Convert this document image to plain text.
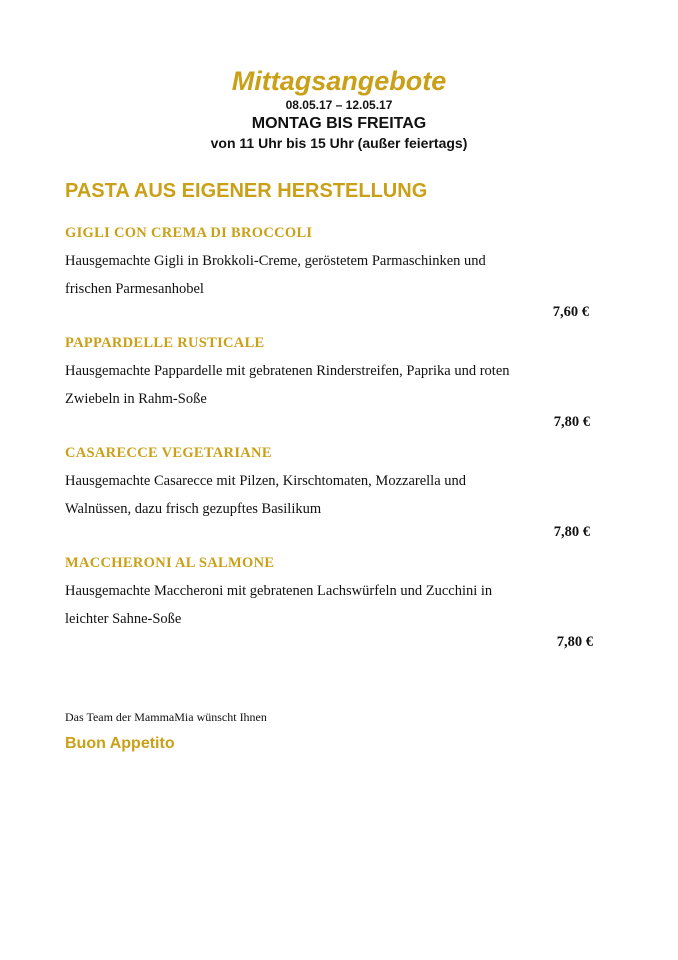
Mittagsangebote
08.05.17 – 12.05.17
MONTAG BIS FREITAG
von 11 Uhr bis 15 Uhr (außer feiertags)
PASTA AUS EIGENER HERSTELLUNG
GIGLI CON CREMA DI BROCCOLI
Hausgemachte Gigli in Brokkoli-Creme, geröstetem Parmaschinken und frischen Parmesanhobel
7,60 €
PAPPARDELLE RUSTICALE
Hausgemachte Pappardelle mit gebratenen Rinderstreifen, Paprika und roten Zwiebeln in Rahm-Soße
7,80 €
CASARECCE VEGETARIANE
Hausgemachte Casarecce mit Pilzen, Kirschtomaten, Mozzarella und Walnüssen, dazu frisch gezupftes Basilikum
7,80 €
MACCHERONI AL SALMONE
Hausgemachte Maccheroni mit gebratenen Lachswürfeln und Zucchini in leichter Sahne-Soße
7,80 €
Das Team der MammaMia wünscht Ihnen
Buon Appetito
